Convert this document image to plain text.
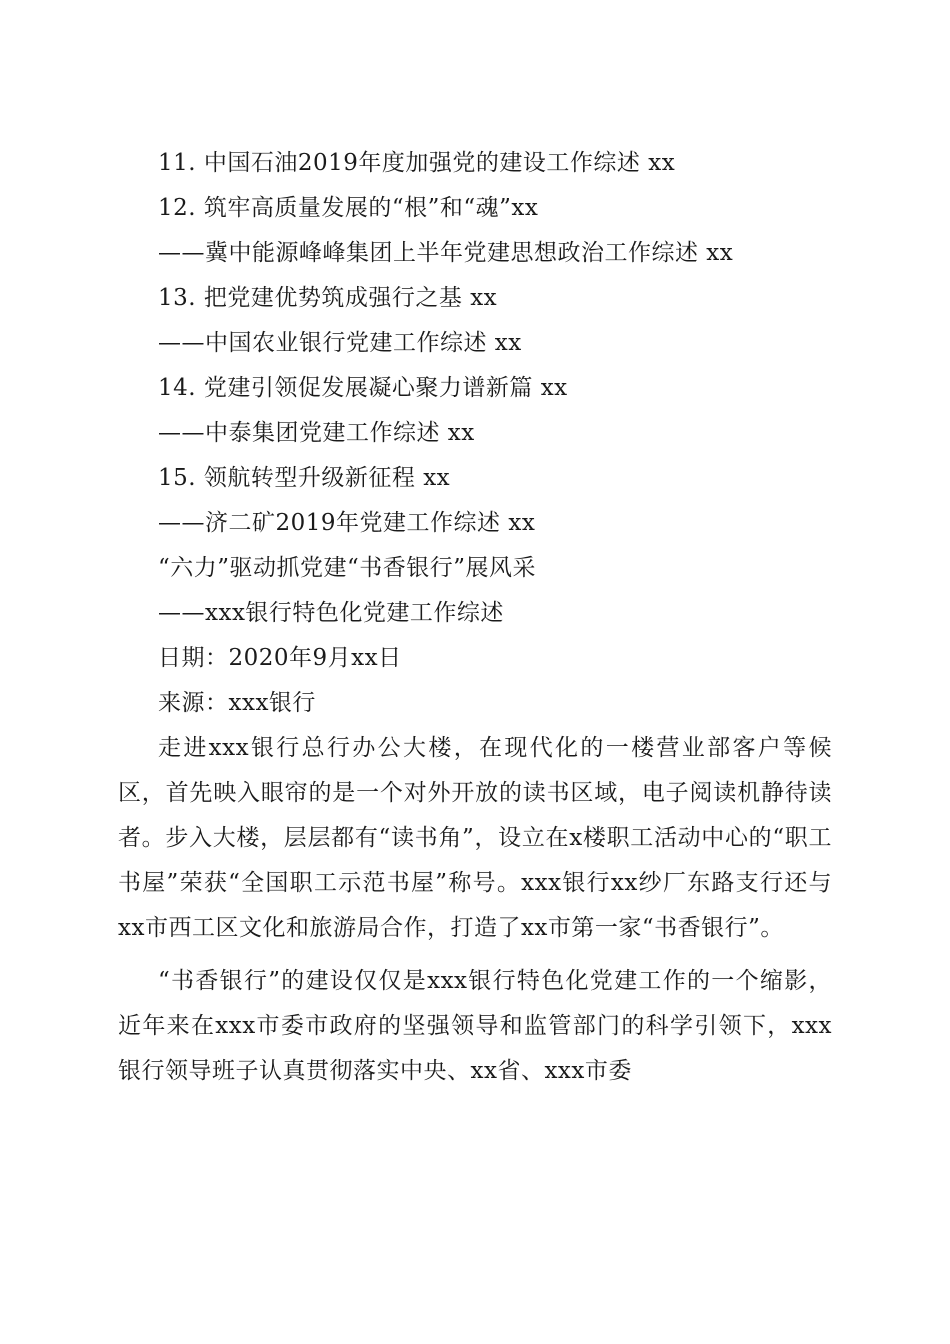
11. 中国石油2019年度加强党的建设工作综述 xx
12. 筑牢高质量发展的“根”和“魂”xx
——冀中能源峰峰集团上半年党建思想政治工作综述 xx
13. 把党建优势筑成强行之基 xx
——中国农业银行党建工作综述 xx
14. 党建引领促发展凝心聚力谱新篇 xx
——中泰集团党建工作综述 xx
15. 领航转型升级新征程 xx
——济二矿2019年党建工作综述 xx
“六力”驱动抓党建“书香银行”展风采
——xxx银行特色化党建工作综述
日期：2020年9月xx日
来源：xxx银行

走进xxx银行总行办公大楼，在现代化的一楼营业部客户等候区，首先映入眼帘的是一个对外开放的读书区域，电子阅读机静待读者。步入大楼，层层都有“读书角”，设立在x楼职工活动中心的“职工书屋”荣获“全国职工示范书屋”称号。xxx银行xx纱厂东路支行还与xx市西工区文化和旅游局合作，打造了xx市第一家“书香银行”。

“书香银行”的建设仅仅是xxx银行特色化党建工作的一个缩影，近年来在xxx市委市政府的坚强领导和监管部门的科学引领下，xxx银行领导班子认真贯彻落实中央、xx省、xxx市委
